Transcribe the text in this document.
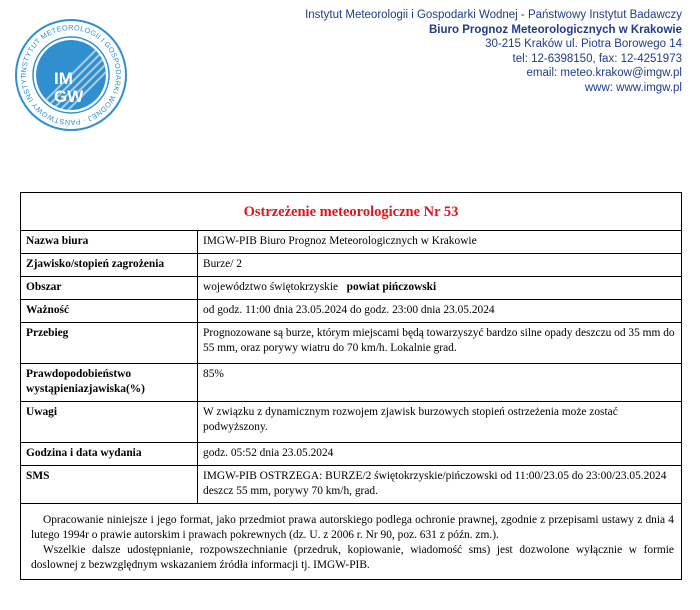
INSTYTUT METEOROLOGII I GOSPODARKI WODNEJ · PAŃSTWOWY INSTYT	IM
GW
Instytut Meteorologii i Gospodarki Wodnej - Państwowy Instytut Badawczy
Biuro Prognoz Meteorologicznych w Krakowie
30-215 Kraków ul. Piotra Borowego 14
tel: 12-6398150, fax: 12-4251973
email: meteo.krakow@imgw.pl
www: www.imgw.pl
Ostrzeżenie meteorologiczne Nr 53	
Nazwa biura	IMGW-PIB Biuro Prognoz Meteorologicznych w Krakowie
Zjawisko/stopień zagrożenia	Burze/ 2
Obszar	województwo świętokrzyskie powiat pińczowski
Ważność	od godz. 11:00 dnia 23.05.2024 do godz. 23:00 dnia 23.05.2024
Przebieg	Prognozowane są burze, którym miejscami będą towarzyszyć bardzo silne opady deszczu od 35 mm do 55 mm, oraz porywy wiatru do 70 km/h. Lokalnie grad.
Prawdopodobieństwo
wystąpieniazjawiska(%)	85%
Uwagi	W związku z dynamicznym rozwojem zjawisk burzowych stopień ostrzeżenia może zostać podwyższony.
Godzina i data wydania	godz. 05:52 dnia 23.05.2024
SMS	IMGW-PIB OSTRZEGA: BURZE/2 świętokrzyskie/pińczowski od 11:00/23.05 do 23:00/23.05.2024 deszcz 55 mm, porywy 70 km/h, grad.
Opracowanie niniejsze i jego format, jako przedmiot prawa autorskiego podlega ochronie prawnej, zgodnie z przepisami ustawy z dnia 4 lutego 1994r o prawie autorskim i prawach pokrewnych (dz. U. z 2006 r. Nr 90, poz. 631 z późn. zm.).
Wszelkie dalsze udostępnianie, rozpowszechnianie (przedruk, kopiowanie, wiadomość sms) jest dozwolone wyłącznie w formie doslownej z bezwzględnym wskazaniem źródła informacji tj. IMGW-PIB.	
